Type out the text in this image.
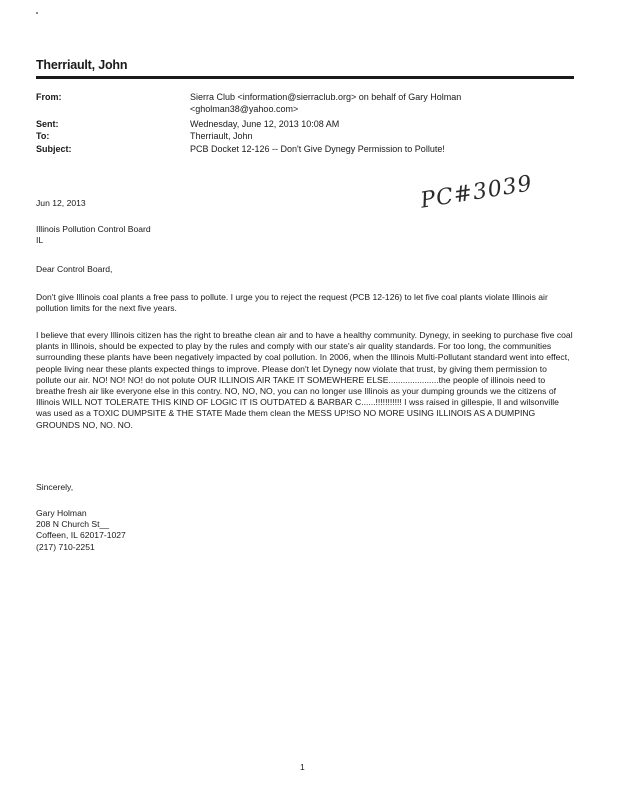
Therriault, John
From:	Sierra Club <information@sierraclub.org> on behalf of Gary Holman <gholman38@yahoo.com>
Sent:	Wednesday, June 12, 2013 10:08 AM
To:	Therriault, John
Subject:	PCB Docket 12-126 -- Don't Give Dynegy Permission to Pollute!
PC#3039
Jun 12, 2013
Illinois Pollution Control Board
IL
Dear Control Board,
Don't give Illinois coal plants a free pass to pollute. I urge you to reject the request (PCB 12-126) to let five coal plants violate Illinois air pollution limits for the next five years.
I believe that every Illinois citizen has the right to breathe clean air and to have a healthy community. Dynegy, in seeking to purchase five coal plants in Illinois, should be expected to play by the rules and comply with our state's air quality standards. For too long, the communities surrounding these plants have been negatively impacted by coal pollution. In 2006, when the Illinois Multi-Pollutant standard went into effect, people living near these plants expected things to improve. Please don't let Dynegy now violate that trust, by giving them permission to pollute our air. NO! NO! NO! do not polute OUR ILLINOIS AIR TAKE IT SOMEWHERE ELSE.....................the people of illinois need to breathe fresh air like everyone else in this contry. NO, NO, NO, you can no longer use Illinois as your dumping grounds we the citizens of Illinois WILL NOT TOLERATE THIS KIND OF LOGIC IT IS OUTDATED & BARBAR C......!!!!!!!!!!! I wss raised in gillespie, Il and wilsonville was used as a TOXIC DUMPSITE & THE STATE Made them clean the MESS UP!SO NO MORE USING ILLINOIS AS A DUMPING GROUNDS NO, NO. NO.
Sincerely,
Gary Holman
208 N Church St__
Coffeen, IL 62017-1027
(217) 710-2251
1
